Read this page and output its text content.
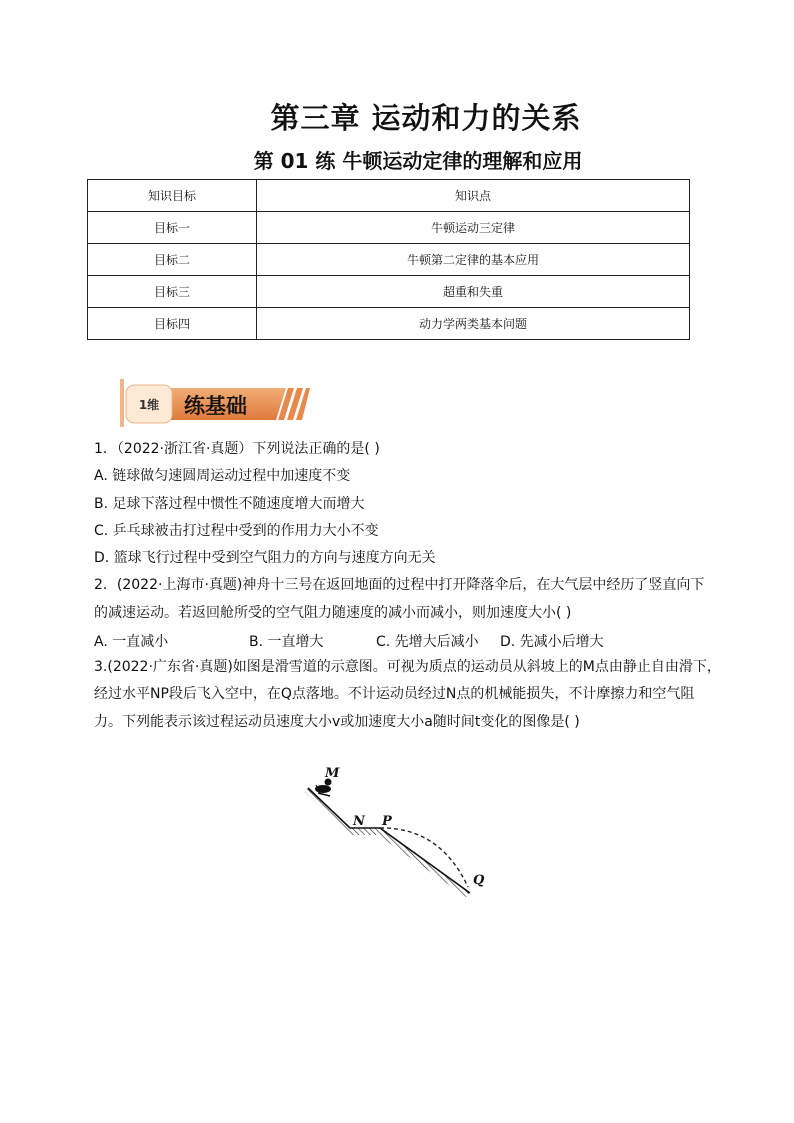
第三章 运动和力的关系
第 01 练 牛顿运动定律的理解和应用
知识目标	知识点
目标一	牛顿运动三定律
目标二	牛顿第二定律的基本应用
目标三	超重和失重
目标四	动力学两类基本问题
1维 练基础
1．（2022·浙江省·真题）下列说法正确的是( )
A. 链球做匀速圆周运动过程中加速度不变
B. 足球下落过程中惯性不随速度增大而增大
C. 乒乓球被击打过程中受到的作用力大小不变
D. 篮球飞行过程中受到空气阻力的方向与速度方向无关
2．(2022·上海市·真题)神舟十三号在返回地面的过程中打开降落伞后，在大气层中经历了竖直向下
的减速运动。若返回舱所受的空气阻力随速度的减小而减小，则加速度大小( )
A. 一直减小	B. 一直增大	C. 先增大后减小 D. 先减小后增大
3.(2022·广东省·真题)如图是滑雪道的示意图。可视为质点的运动员从斜坡上的M点由静止自由滑下，
经过水平NP段后飞入空中，在Q点落地。不计运动员经过N点的机械能损失，不计摩擦力和空气阻
力。下列能表示该过程运动员速度大小v或加速度大小a随时间t变化的图像是( )
M
N P
Q
